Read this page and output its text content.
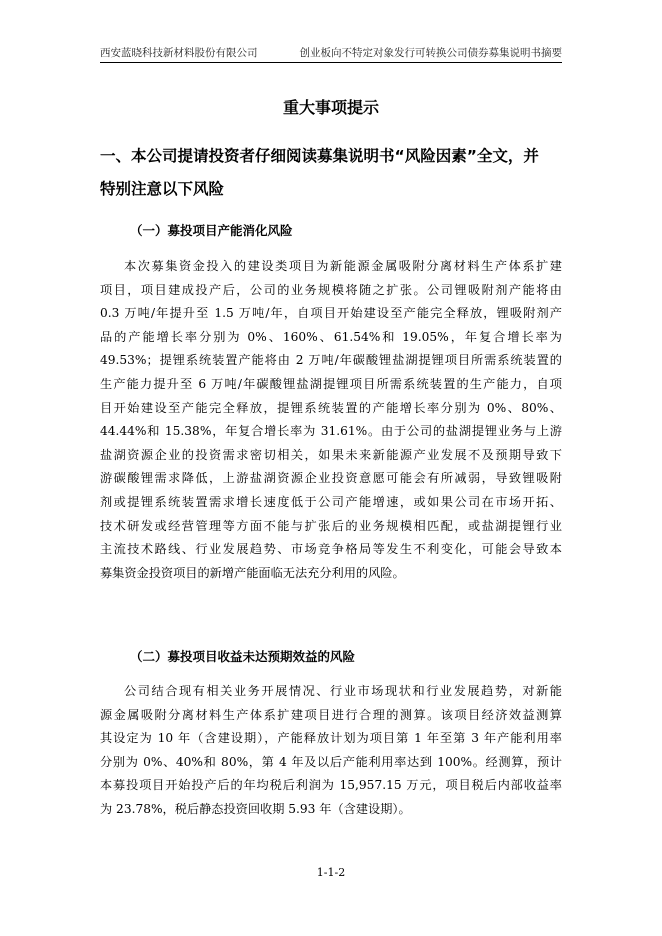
西安蓝晓科技新材料股份有限公司	创业板向不特定对象发行可转换公司债券募集说明书摘要
重大事项提示
一、本公司提请投资者仔细阅读募集说明书“风险因素”全文，并
特别注意以下风险
（一）募投项目产能消化风险
本次募集资金投入的建设类项目为新能源金属吸附分离材料生产体系扩建
项目，项目建成投产后，公司的业务规模将随之扩张。公司锂吸附剂产能将由
0.3 万吨/年提升至 1.5 万吨/年，自项目开始建设至产能完全释放，锂吸附剂产
品的产能增长率分别为 0%、160%、61.54%和 19.05%，年复合增长率为
49.53%；提锂系统装置产能将由 2 万吨/年碳酸锂盐湖提锂项目所需系统装置的
生产能力提升至 6 万吨/年碳酸锂盐湖提锂项目所需系统装置的生产能力，自项
目开始建设至产能完全释放，提锂系统装置的产能增长率分别为 0%、80%、
44.44%和 15.38%，年复合增长率为 31.61%。由于公司的盐湖提锂业务与上游
盐湖资源企业的投资需求密切相关，如果未来新能源产业发展不及预期导致下
游碳酸锂需求降低，上游盐湖资源企业投资意愿可能会有所减弱，导致锂吸附
剂或提锂系统装置需求增长速度低于公司产能增速，或如果公司在市场开拓、
技术研发或经营管理等方面不能与扩张后的业务规模相匹配，或盐湖提锂行业
主流技术路线、行业发展趋势、市场竞争格局等发生不利变化，可能会导致本
募集资金投资项目的新增产能面临无法充分利用的风险。
（二）募投项目收益未达预期效益的风险
公司结合现有相关业务开展情况、行业市场现状和行业发展趋势，对新能
源金属吸附分离材料生产体系扩建项目进行合理的测算。该项目经济效益测算
其设定为 10 年（含建设期），产能释放计划为项目第 1 年至第 3 年产能利用率
分别为 0%、40%和 80%，第 4 年及以后产能利用率达到 100%。经测算，预计
本募投项目开始投产后的年均税后利润为 15,957.15 万元，项目税后内部收益率
为 23.78%，税后静态投资回收期 5.93 年（含建设期）。
1-1-2
